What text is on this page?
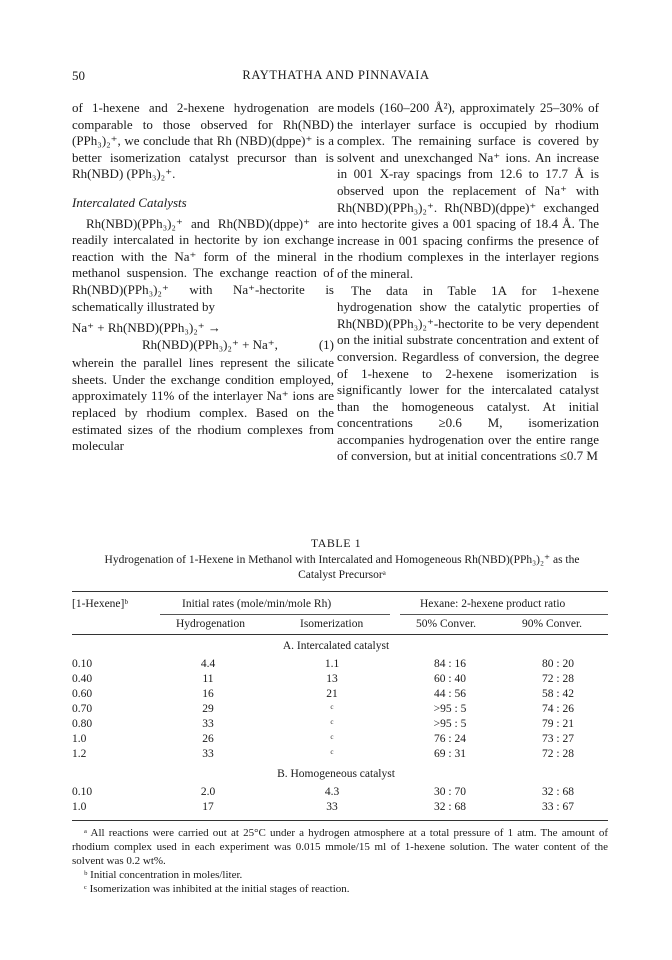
50	RAYTHATHA AND PINNAVAIA

of 1-hexene and 2-hexene hydrogenation are comparable to those observed for Rh(NBD)(PPh₃)₂⁺, we conclude that Rh (NBD)(dppe)⁺ is a better isomerization catalyst precursor than is Rh(NBD) (PPh₃)₂⁺.

Intercalated Catalysts

Rh(NBD)(PPh₃)₂⁺ and Rh(NBD)(dppe)⁺ are readily intercalated in hectorite by ion exchange reaction with the Na⁺ form of the mineral in methanol suspension. The exchange reaction of Rh(NBD)(PPh₃)₂⁺ with Na⁺-hectorite is schematically illustrated by

Na⁺ + Rh(NBD)(PPh₃)₂⁺ →
Rh(NBD)(PPh₃)₂⁺ + Na⁺,	(1)

wherein the parallel lines represent the silicate sheets. Under the exchange condition employed, approximately 11% of the interlayer Na⁺ ions are replaced by rhodium complex. Based on the estimated sizes of the rhodium complexes from molecular

models (160–200 Å²), approximately 25–30% of the interlayer surface is occupied by rhodium complex. The remaining surface is covered by solvent and unexchanged Na⁺ ions. An increase in 001 X-ray spacings from 12.6 to 17.7 Å is observed upon the replacement of Na⁺ with Rh(NBD)(PPh₃)₂⁺. Rh(NBD)(dppe)⁺ exchanged into hectorite gives a 001 spacing of 18.4 Å. The increase in 001 spacing confirms the presence of the rhodium complexes in the interlayer regions of the mineral.

The data in Table 1A for 1-hexene hydrogenation show the catalytic properties of Rh(NBD)(PPh₃)₂⁺-hectorite to be very dependent on the initial substrate concentration and extent of conversion. Regardless of conversion, the degree of 1-hexene to 2-hexene isomerization is significantly lower for the intercalated catalyst than the homogeneous catalyst. At initial concentrations ≥0.6 M, isomerization accompanies hydrogenation over the entire range of conversion, but at initial concentrations ≤0.7 M

TABLE 1
Hydrogenation of 1-Hexene in Methanol with Intercalated and Homogeneous Rh(NBD)(PPh₃)₂⁺ as the Catalyst Precursorᵃ
[1-Hexene]ᵇ	Initial rates (mole/min/mole Rh)	Hexane: 2-hexene product ratio
Hydrogenation	Isomerization	50% Conver.	90% Conver.
A. Intercalated catalyst
0.10	4.4	1.1	84 : 16	80 : 20
0.40	11	13	60 : 40	72 : 28
0.60	16	21	44 : 56	58 : 42
0.70	29	ᶜ	>95 : 5	74 : 26
0.80	33	ᶜ	>95 : 5	79 : 21
1.0	26	ᶜ	76 : 24	73 : 27
1.2	33	ᶜ	69 : 31	72 : 28
B. Homogeneous catalyst
0.10	2.0	4.3	30 : 70	32 : 68
1.0	17	33	32 : 68	33 : 67

ᵃ All reactions were carried out at 25°C under a hydrogen atmosphere at a total pressure of 1 atm. The amount of rhodium complex used in each experiment was 0.015 mmole/15 ml of 1-hexene solution. The water content of the solvent was 0.2 wt%.

ᵇ Initial concentration in moles/liter.

ᶜ Isomerization was inhibited at the initial stages of reaction.
